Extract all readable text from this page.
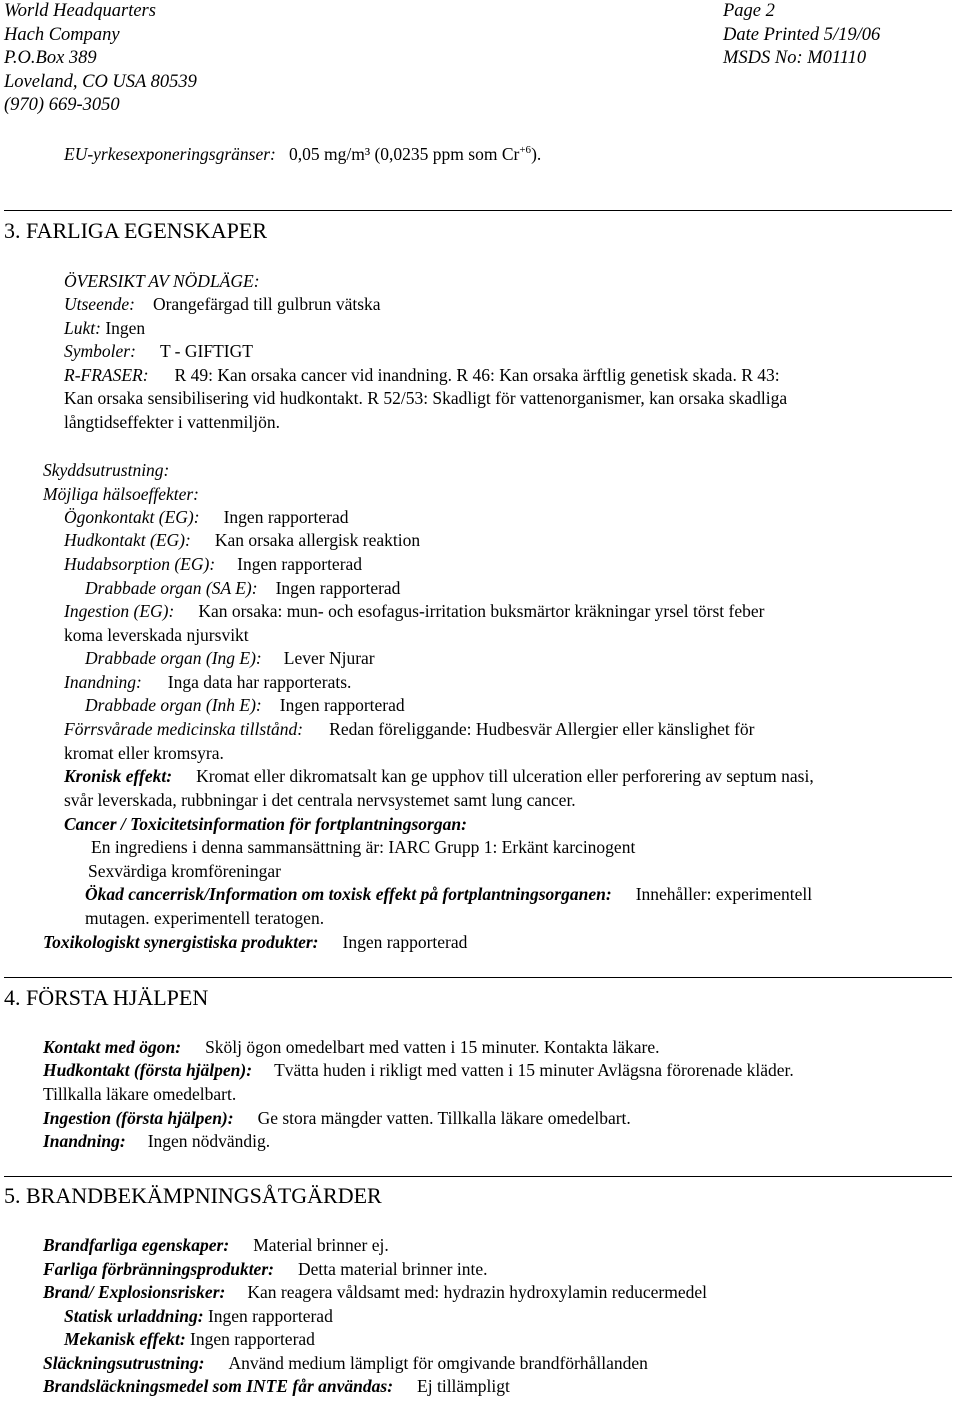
World Headquarters
Hach Company
P.O.Box 389
Loveland, CO USA 80539
(970) 669-3050
Page 2
Date Printed 5/19/06
MSDS No: M01110
EU-yrkesexponeringsgränser: 0,05 mg/m³ (0,0235 ppm som $Cr^{+6}$).
3. FARLIGA EGENSKAPER
ÖVERSIKT AV NÖDLÄGE:
Utseende: Orangefärgad till gulbrun vätska
Lukt: Ingen
Symboler: T - GIFTIGT
R-FRASER: R 49: Kan orsaka cancer vid inandning. R 46: Kan orsaka ärftlig genetisk skada. R 43:
Kan orsaka sensibilisering vid hudkontakt. R 52/53: Skadligt för vattenorganismer, kan orsaka skadliga
långtidseffekter i vattenmiljön.
Skyddsutrustning:
Möjliga hälsoeffekter:
Ögonkontakt (EG): Ingen rapporterad
Hudkontakt (EG): Kan orsaka allergisk reaktion
Hudabsorption (EG): Ingen rapporterad
Drabbade organ (SA E): Ingen rapporterad
Ingestion (EG): Kan orsaka: mun- och esofagus-irritation buksmärtor kräkningar yrsel törst feber
koma leverskada njursvikt
Drabbade organ (Ing E): Lever Njurar
Inandning: Inga data har rapporterats.
Drabbade organ (Inh E): Ingen rapporterad
Förrsvårade medicinska tillstånd: Redan föreliggande: Hudbesvär Allergier eller känslighet för
kromat eller kromsyra.
Kronisk effekt: Kromat eller dikromatsalt kan ge upphov till ulceration eller perforering av septum nasi,
svår leverskada, rubbningar i det centrala nervsystemet samt lung cancer.
Cancer / Toxicitetsinformation för fortplantningsorgan:
En ingrediens i denna sammansättning är: IARC Grupp 1: Erkänt karcinogent
Sexvärdiga kromföreningar
Ökad cancerrisk/Information om toxisk effekt på fortplantningsorganen: Innehåller: experimentell
mutagen. experimentell teratogen.
Toxikologiskt synergistiska produkter: Ingen rapporterad
4. FÖRSTA HJÄLPEN
Kontakt med ögon: Skölj ögon omedelbart med vatten i 15 minuter. Kontakta läkare.
Hudkontakt (första hjälpen): Tvätta huden i rikligt med vatten i 15 minuter Avlägsna förorenade kläder.
Tillkalla läkare omedelbart.
Ingestion (första hjälpen): Ge stora mängder vatten. Tillkalla läkare omedelbart.
Inandning: Ingen nödvändig.
5. BRANDBEKÄMPNINGSÅTGÄRDER
Brandfarliga egenskaper: Material brinner ej.
Farliga förbränningsprodukter: Detta material brinner inte.
Brand/ Explosionsrisker: Kan reagera våldsamt med: hydrazin hydroxylamin reducermedel
Statisk urladdning: Ingen rapporterad
Mekanisk effekt: Ingen rapporterad
Släckningsutrustning: Använd medium lämpligt för omgivande brandförhållanden
Brandsläckningsmedel som INTE får användas: Ej tillämpligt
